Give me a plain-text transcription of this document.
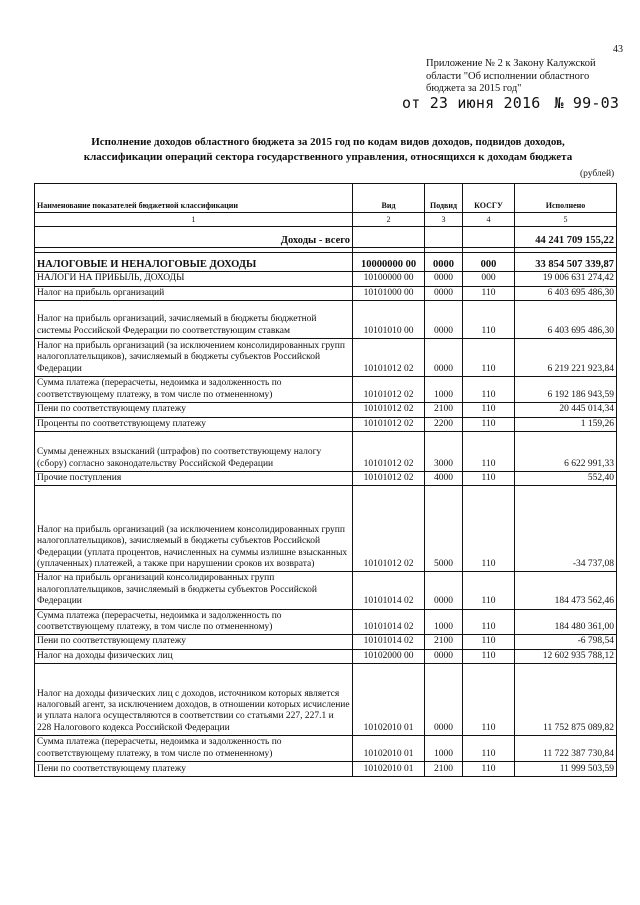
43
Приложение № 2 к Закону Калужской
области "Об исполнении областного
бюджета за 2015 год"
от 23 июня 2016 № 99-03
Исполнение доходов областного бюджета за 2015 год по кодам видов доходов, подвидов доходов,
классификации операций сектора государственного управления, относящихся к доходам бюджета
(рублей)
Наименование показателей бюджетной классификации	Вид	Подвид	КОСГУ	Исполнено
1	2	3	4	5
Доходы - всего				44 241 709 155,22

НАЛОГОВЫЕ И НЕНАЛОГОВЫЕ ДОХОДЫ	10000000 00	0000	000	33 854 507 339,87
НАЛОГИ НА ПРИБЫЛЬ, ДОХОДЫ	10100000 00	0000	000	19 006 631 274,42
Налог на прибыль организаций	10101000 00	0000	110	6 403 695 486,30
Налог на прибыль организаций, зачисляемый в бюджеты бюджетной системы Российской Федерации по соответствующим ставкам	10101010 00	0000	110	6 403 695 486,30
Налог на прибыль организаций (за исключением консолидированных групп налогоплательщиков), зачисляемый в бюджеты субъектов Российской Федерации	10101012 02	0000	110	6 219 221 923,84
Сумма платежа (перерасчеты, недоимка и задолженность по соответствующему платежу, в том числе по отмененному)	10101012 02	1000	110	6 192 186 943,59
Пени по соответствующему платежу	10101012 02	2100	110	20 445 014,34
Проценты по соответствующему платежу	10101012 02	2200	110	1 159,26
Суммы денежных взысканий (штрафов) по соответствующему налогу (сбору) согласно законодательству Российской Федерации	10101012 02	3000	110	6 622 991,33
Прочие поступления	10101012 02	4000	110	552,40
Налог на прибыль организаций (за исключением консолидированных групп налогоплательщиков), зачисляемый в бюджеты субъектов Российской Федерации (уплата процентов, начисленных на суммы излишне взысканных (уплаченных) платежей, а также при нарушении сроков их возврата)	10101012 02	5000	110	-34 737,08
Налог на прибыль организаций консолидированных групп налогоплательщиков, зачисляемый в бюджеты субъектов Российской Федерации	10101014 02	0000	110	184 473 562,46
Сумма платежа (перерасчеты, недоимка и задолженность по соответствующему платежу, в том числе по отмененному)	10101014 02	1000	110	184 480 361,00
Пени по соответствующему платежу	10101014 02	2100	110	-6 798,54
Налог на доходы физических лиц	10102000 00	0000	110	12 602 935 788,12
Налог на доходы физических лиц с доходов, источником которых является налоговый агент, за исключением доходов, в отношении которых исчисление и уплата налога осуществляются в соответствии со статьями 227, 227.1 и 228 Налогового кодекса Российской Федерации	10102010 01	0000	110	11 752 875 089,82
Сумма платежа (перерасчеты, недоимка и задолженность по соответствующему платежу, в том числе по отмененному)	10102010 01	1000	110	11 722 387 730,84
Пени по соответствующему платежу	10102010 01	2100	110	11 999 503,59
